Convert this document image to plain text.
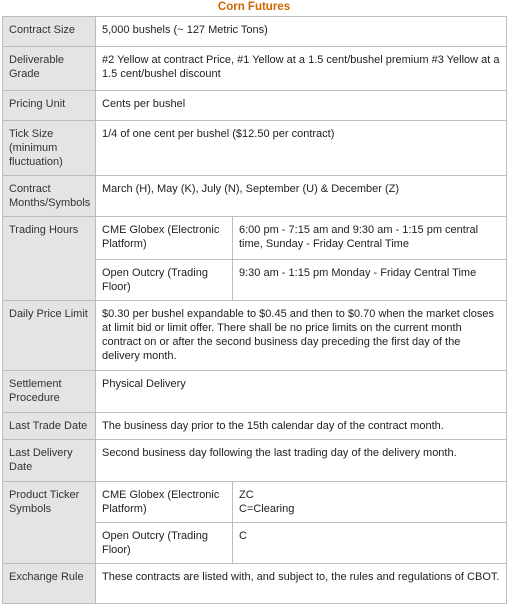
Corn Futures
Contract Size	5,000 bushels (~ 127 Metric Tons)	
Deliverable Grade	#2 Yellow at contract Price, #1 Yellow at a 1.5 cent/bushel premium #3 Yellow at a 1.5 cent/bushel discount	
Pricing Unit	Cents per bushel	
Tick Size (minimum fluctuation)	1/4 of one cent per bushel ($12.50 per contract)	
Contract Months/Symbols	March (H), May (K), July (N), September (U) & December (Z)	
Trading Hours	CME Globex (Electronic Platform)	6:00 pm - 7:15 am and 9:30 am - 1:15 pm central time, Sunday - Friday Central Time
	Open Outcry (Trading Floor)	9:30 am - 1:15 pm Monday - Friday Central Time
Daily Price Limit	$0.30 per bushel expandable to $0.45 and then to $0.70 when the market closes at limit bid or limit offer. There shall be no price limits on the current month contract on or after the second business day preceding the first day of the delivery month.	
Settlement Procedure	Physical Delivery	
Last Trade Date	The business day prior to the 15th calendar day of the contract month.	
Last Delivery Date	Second business day following the last trading day of the delivery month.	
Product Ticker Symbols	CME Globex (Electronic Platform)	ZC
C=Clearing

	Open Outcry (Trading Floor)	C
Exchange Rule	These contracts are listed with, and subject to, the rules and regulations of CBOT.	
